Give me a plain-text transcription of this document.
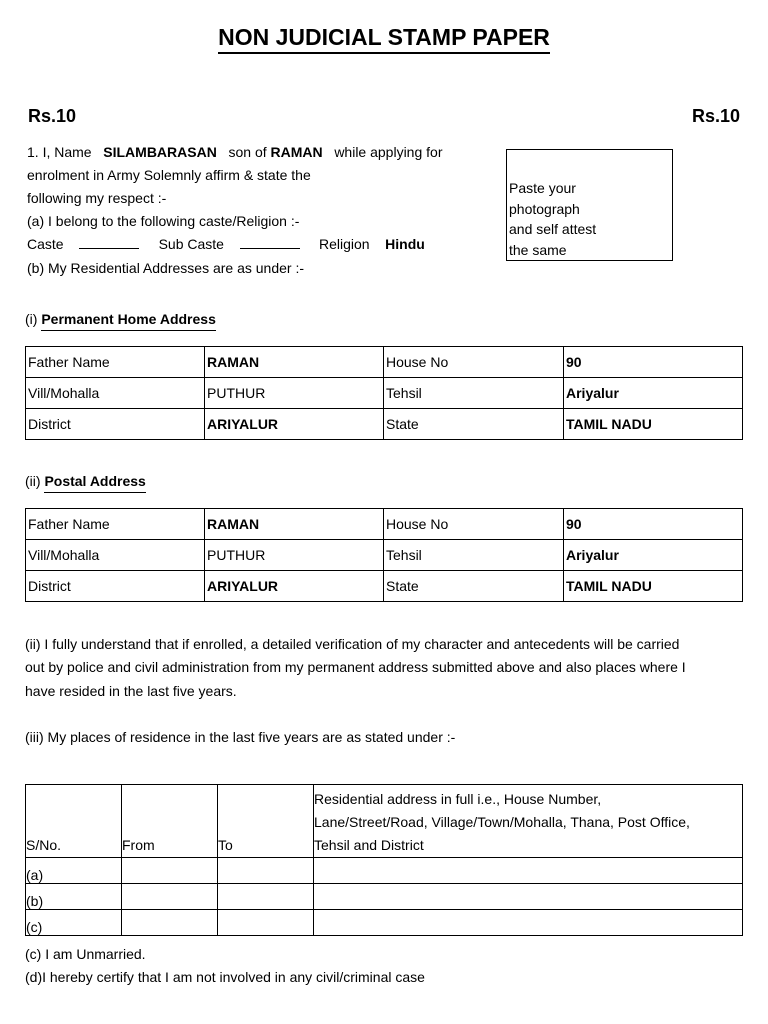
NON JUDICIAL STAMP PAPER
Rs.10	Rs.10
1. I, Name SILAMBARASAN son of RAMAN while applying for
enrolment in Army Solemnly affirm & state the
following my respect :-
(a) I belong to the following caste/Religion :-
Caste	Sub Caste	Religion Hindu
(b) My Residential Addresses are as under :-
Paste your
photograph
and self attest
the same
(i) Permanent Home Address
Father Name	RAMAN	House No	90
Vill/Mohalla	PUTHUR	Tehsil	Ariyalur
District	ARIYALUR	State	TAMIL NADU
(ii) Postal Address
Father Name	RAMAN	House No	90
Vill/Mohalla	PUTHUR	Tehsil	Ariyalur
District	ARIYALUR	State	TAMIL NADU
(ii) I fully understand that if enrolled, a detailed verification of my character and antecedents will be carried
out by police and civil administration from my permanent address submitted above and also places where I
have resided in the last five years.
(iii) My places of residence in the last five years are as stated under :-
S/No.	From	To	Residential address in full i.e., House Number,
Lane/Street/Road, Village/Town/Mohalla, Thana, Post Office,
Tehsil and District

(a)			
(b)			
(c)			
(c) I am Unmarried.
(d)I hereby certify that I am not involved in any civil/criminal case
